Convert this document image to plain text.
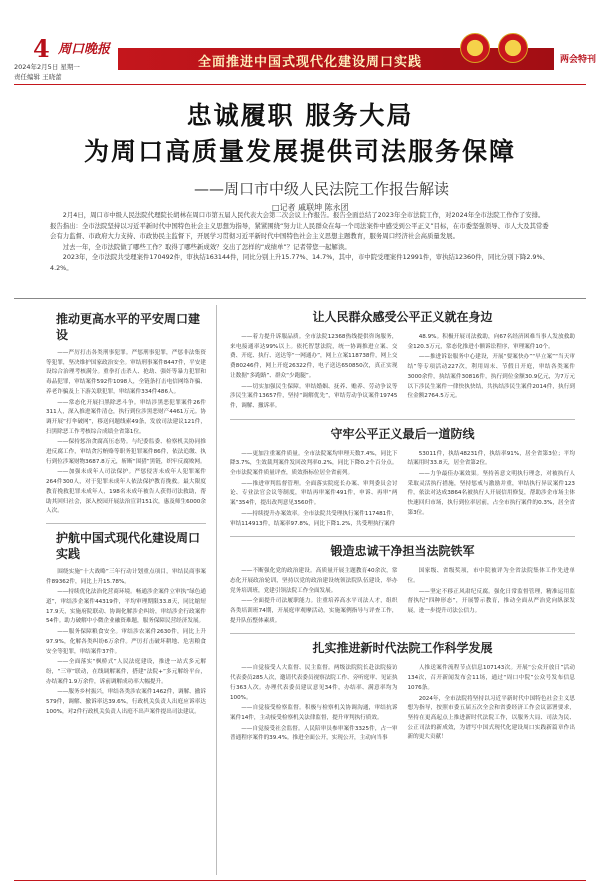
4 周口晚报
2024年2月5日 星期一
责任编辑 王晓蕾
全面推进中国式现代化建设周口实践	两会特刊
忠诚履职 服务大局
为周口高质量发展提供司法服务保障
——周口市中级人民法院工作报告解读
□记者 戚联坤 陈永团

2月4日，周口市中级人民法院代理院长胡林在周口市第五届人民代表大会第二次会议上作报告。报告全面总结了2023年全市法院工作，对2024年全市法院工作作了安排。报告指出：全市法院坚持以习近平新时代中国特色社会主义思想为指导，紧紧围绕“努力让人民群众在每一个司法案件中感受到公平正义”目标，在市委坚强领导、市人大及其常委会有力监督、市政府大力支持、市政协民主监督下，开展学习贯彻习近平新时代中国特色社会主义思想主题教育，服务周口经济社会高质量发展。

过去一年，全市法院做了哪些工作？取得了哪些新成效？交出了怎样的“成绩单”？记者带您一起解读。

2023年，全市法院共受理案件170492件，审执结163144件，同比分别上升15.77%、14.7%，其中，市中院受理案件12991件，审执结12360件，同比分别下降2.9%、4.2%。

推动更高水平的平安周口建设

——严厉打击各类刑事犯罪。严惩刑事犯罪，严惩非法集资等犯罪，坚决维护国家政治安全。审结刑事案件8447件，平安建设综合治理考核满分。重拳打击杀人、抢劫、强奸等暴力犯罪和毒品犯罪，审结案件592件1098人，全链条打击电信网络诈骗、养老诈骗及上下游关联犯罪，审结案件334件486人。

——常态化开展扫黑除恶斗争。审结涉黑恶犯罪案件26件311人，深入推进案件清仓，执行到位涉黑恶财产4461万元。协调开展“打伞破网”，移送问题线索49条，发放司法建议121件，扫黑除恶工作考核综合成绩全省第1位。

——保持惩治贪腐高压态势。与纪委监委、检察机关协同推进反腐工作，审结贪污贿赂等职务犯罪案件86件，依法追缴、执行到位涉案财物3687.8万元，斩断“围猎”黑链，织牢反腐败网。

——加强未成年人司法保护。严惩侵害未成年人犯罪案件264件300人，对于犯罪未成年人依法保护教育挽救。最大限度教育挽救犯罪未成年人，198名未成年被告人获得司法救助，帮助其回归社会，深入校园开展法治宣讲151次，惠及师生6000余人次。

护航中国式现代化建设周口实践

围绕实施“十大战略”三年行动计划重点项目，审结民商事案件89362件，同比上升15.78%。

——持续优化法治化营商环境。畅通涉企案件立审执“绿色通道”，审结涉企案件44319件，平均审理期限33.8天，同比缩短17.9天，实施府院联动、协调化解涉企纠纷，审结涉企行政案件54件。助力破解中小微企业融资难题，服务保障民营经济发展。

——服务保障粮食安全。审结涉农案件2630件，同比上升97.9%，化解各类纠纷6万余件。严厉打击破坏耕地、危害粮食安全等犯罪，审结案件37件。

——全面落实“枫桥式”人民法庭建设，推进一站式多元解纷，“三审”联动，在线调解案件，搭建“法院+”多元解纷平台，办结案件1.9万余件，诉前调解成功率大幅提升。

——服务乡村振兴，审结各类涉农案件1462件，调解、撤诉579件，调解、撤诉率达39.6%，行政机关负责人出庭应诉率达100%，对2件行政机关负责人出庭不出声案件提出司法建议。

让人民群众感受公平正义就在身边

——着力提升诉服品质。全市法院12368热线提供咨询服务，来电接通率达99%以上。依托智慧法院，统一协调推进立案、交费、开庭、执行、送达等“一网通办”，网上立案118738件，网上交费80246件，网上开庭26322件，电子送达650850次，真正实现让数据“多跑路”、群众“少跑腿”。

——切实加强民生保障。审结婚姻、抚养、赡养、劳动争议等涉民生案件13657件，坚持“调解优先”，审结劳动争议案件19745件，调解、撤诉率。

48.9%。积极开展司法救助，向67名经济困难当事人发放救助金120.3万元，常态化推进小额诉讼程序，审理案件10个。

——推进诉讼服务中心建设，开展“要案快办”“早立案”“当天审结”等专项活动227次，利用周末、节假日开庭，审结各类案件3000余件，执结案件30816件，执行到位金额30.9亿元，为7万元以下涉民生案件一律快执快结，共执结涉民生案件2014件，执行到位金额2764.5万元。

守牢公平正义最后一道防线

——更加注重案件质量。全市法院案均审理天数7.4%，同比下降3.7%，生效裁判案件发回改判率0.2%，同比下降0.2个百分点。全市法院案件质量评查，质效指标位居全省前列。

——推进审判监督管理。全面落实院庭长办案、审判委员会讨论、专业法官会议等制度，审结再审案件491件，申诉、再审“两案”354件，提出改判意见3560件。

——持续提升办案效率。全市法院共受理执行案件117481件，审结114913件，结案率97.8%，同比下降1.2%，共受理执行案件

53011件，执结48231件，执结率91%，居全省第3位；平均结案用时33.8天，居全省第2位。

——力争最佳办案效果。坚持善意文明执行理念，对被执行人采取灵活执行措施，坚持惩戒与激励并重，审结执行异议案件123件，依法对达成3864名被执行人开展信用修复，帮助涉企市场主体快速回归市场，执行到位率居前，占全市执行案件的0.3%，居全省第3位。

锻造忠诚干净担当法院铁军

——不断强化党的政治建设。高质量开展主题教育40余次，常态化开展政治轮训，坚持以党的政治建设统领法院队伍建设，举办党务培训班，党建引领法院工作全面发展。

——全面提升司法履职能力。注重培养高水平司法人才，组织各类培训班74期，开展庭审观摩活动，实施案例指导与评查工作，提升队伍整体素质。

国家级、省级奖项，市中院被评为全省法院集体工作先进单位。

——坚定不移正风肃纪反腐。强化日常监督管理，精准运用监督执纪“四种形态”，开展警示教育，推动全面从严治党向纵深发展，进一步提升司法公信力。

扎实推进新时代法院工作科学发展

——自觉接受人大监督、民主监督。两级法院院长赴法院接访代表委员285人次，邀请代表委员视察法院工作、旁听庭审、见证执行363人次。办理代表委员建议意见34件，办结率、满意率均为100%。

——自觉接受检察监督。积极与检察机关协调沟通，审结抗诉案件14件，主动接受检察机关法律监督，提升审判执行质效。

——自觉接受社会监督。人民陪审员参审案件3325件，占一审普通程序案件的39.4%。推进全面公开，实现公开，主动向当事

人推送案件流程节点信息107143次。开展“公众开放日”活动134次，召开新闻发布会11场，通过“周口中院”公众号发布信息1076条。

2024年，全市法院将坚持以习近平新时代中国特色社会主义思想为指导，按照市委五届五次全会和省委经济工作会议部署要求，坚持在更高起点上推进新时代法院工作，以服务大局、司法为民、公正司法的新成效，为谱写中国式现代化建设周口实践新篇章作出新的更大贡献！
